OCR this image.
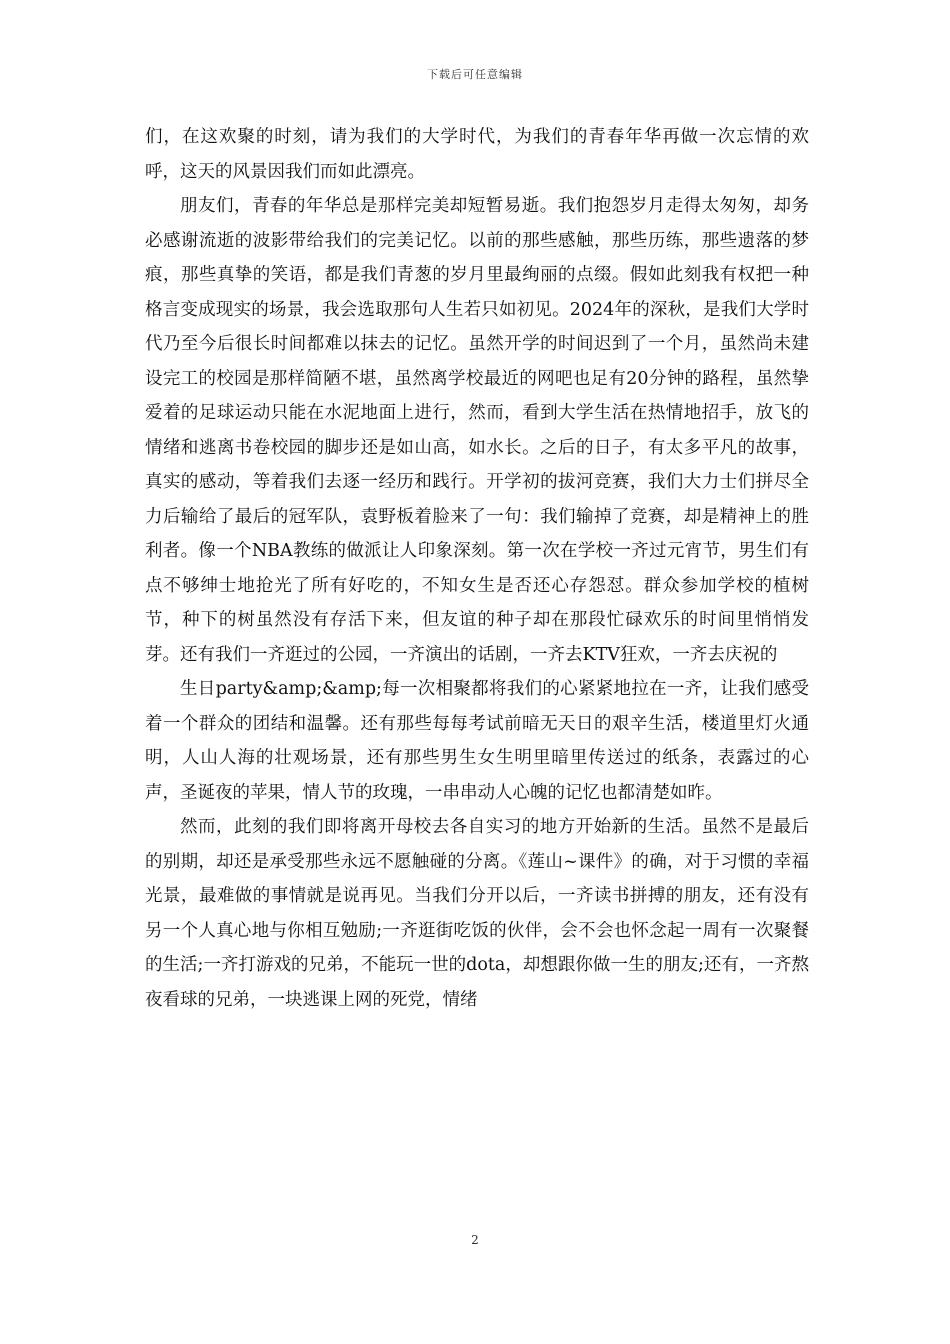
下载后可任意编辑

们，在这欢聚的时刻，请为我们的大学时代，为我们的青春年华再做一次忘情的欢呼，这天的风景因我们而如此漂亮。

朋友们，青春的年华总是那样完美却短暂易逝。我们抱怨岁月走得太匆匆，却务必感谢流逝的波影带给我们的完美记忆。以前的那些感触，那些历练，那些遗落的梦痕，那些真挚的笑语，都是我们青葱的岁月里最绚丽的点缀。假如此刻我有权把一种格言变成现实的场景，我会选取那句人生若只如初见。2024年的深秋，是我们大学时代乃至今后很长时间都难以抹去的记忆。虽然开学的时间迟到了一个月，虽然尚未建设完工的校园是那样简陋不堪，虽然离学校最近的网吧也足有20分钟的路程，虽然挚爱着的足球运动只能在水泥地面上进行，然而，看到大学生活在热情地招手，放飞的情绪和逃离书卷校园的脚步还是如山高，如水长。之后的日子，有太多平凡的故事，真实的感动，等着我们去逐一经历和践行。开学初的拔河竞赛，我们大力士们拼尽全力后输给了最后的冠军队，袁野板着脸来了一句：我们输掉了竞赛，却是精神上的胜利者。像一个NBA教练的做派让人印象深刻。第一次在学校一齐过元宵节，男生们有点不够绅士地抢光了所有好吃的，不知女生是否还心存怨怼。群众参加学校的植树节，种下的树虽然没有存活下来，但友谊的种子却在那段忙碌欢乐的时间里悄悄发芽。还有我们一齐逛过的公园，一齐演出的话剧，一齐去KTV狂欢，一齐去庆祝的

生日party&amp;&amp;每一次相聚都将我们的心紧紧地拉在一齐，让我们感受着一个群众的团结和温馨。还有那些每每考试前暗无天日的艰辛生活，楼道里灯火通明，人山人海的壮观场景，还有那些男生女生明里暗里传送过的纸条，表露过的心声，圣诞夜的苹果，情人节的玫瑰，一串串动人心魄的记忆也都清楚如昨。

然而，此刻的我们即将离开母校去各自实习的地方开始新的生活。虽然不是最后的别期，却还是承受那些永远不愿触碰的分离。《莲山~课件》的确，对于习惯的幸福光景，最难做的事情就是说再见。当我们分开以后，一齐读书拼搏的朋友，还有没有另一个人真心地与你相互勉励;一齐逛街吃饭的伙伴，会不会也怀念起一周有一次聚餐的生活;一齐打游戏的兄弟，不能玩一世的dota，却想跟你做一生的朋友;还有，一齐熬夜看球的兄弟，一块逃课上网的死党，情绪

2
